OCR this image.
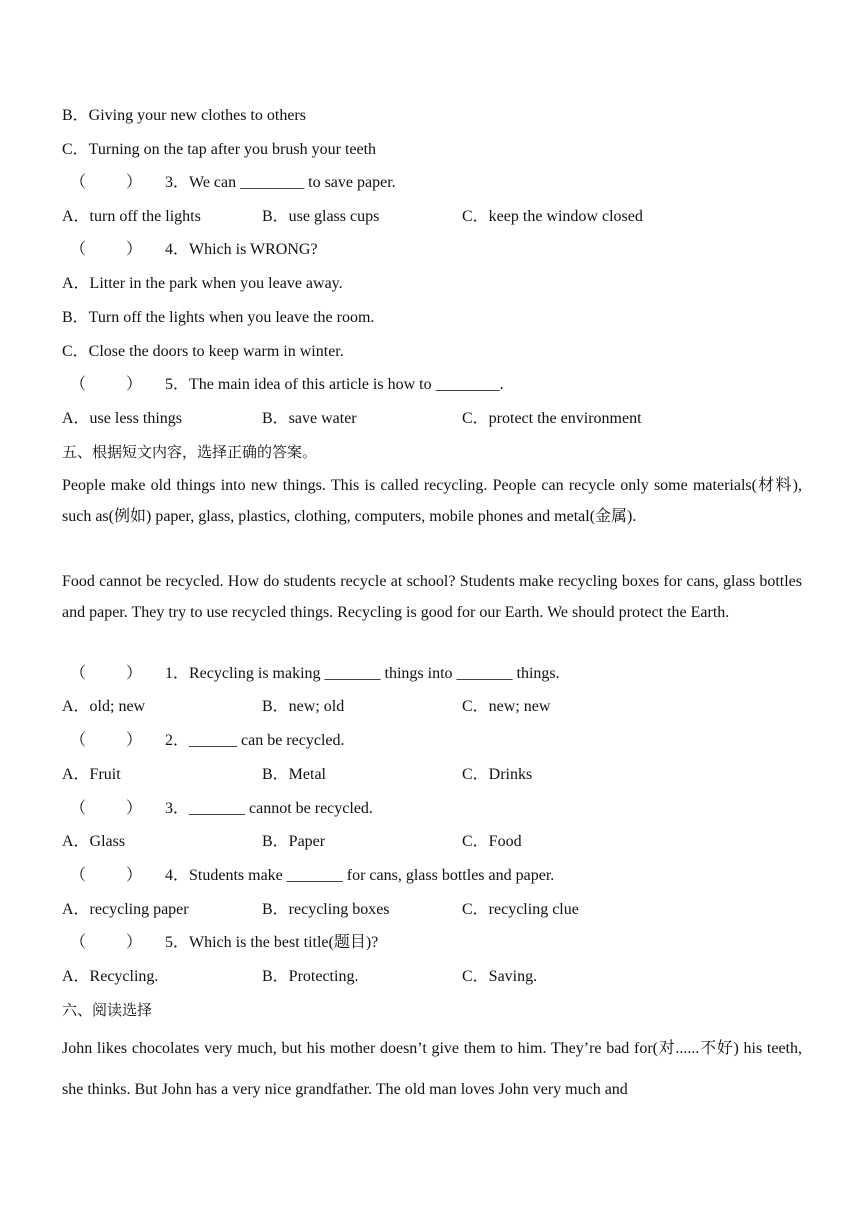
B．Giving your new clothes to others
C．Turning on the tap after you brush your teeth
（ ） 3．We can ________ to save paper.
A．turn off the lights	B．use glass cups	C．keep the window closed
（ ） 4．Which is WRONG?
A．Litter in the park when you leave away.
B．Turn off the lights when you leave the room.
C．Close the doors to keep warm in winter.
（ ） 5．The main idea of this article is how to ________.
A．use less things	B．save water	C．protect the environment
五、根据短文内容，选择正确的答案。
People make old things into new things. This is called recycling. People can recycle only some materials(材料), such as(例如) paper, glass, plastics, clothing, computers, mobile phones and metal(金属).
Food cannot be recycled. How do students recycle at school? Students make recycling boxes for cans, glass bottles and paper. They try to use recycled things. Recycling is good for our Earth. We should protect the Earth.
（ ） 1．Recycling is making _______ things into _______ things.
A．old; new	B．new; old	C．new; new
（ ） 2．______ can be recycled.
A．Fruit	B．Metal	C．Drinks
（ ） 3．_______ cannot be recycled.
A．Glass	B．Paper	C．Food
（ ） 4．Students make _______ for cans, glass bottles and paper.
A．recycling paper	B．recycling boxes	C．recycling clue
（ ） 5．Which is the best title(题目)?
A．Recycling.	B．Protecting.	C．Saving.
六、阅读选择
John likes chocolates very much, but his mother doesn’t give them to him. They’re bad for(对......不好) his teeth, she thinks. But John has a very nice grandfather. The old man loves John very much and
